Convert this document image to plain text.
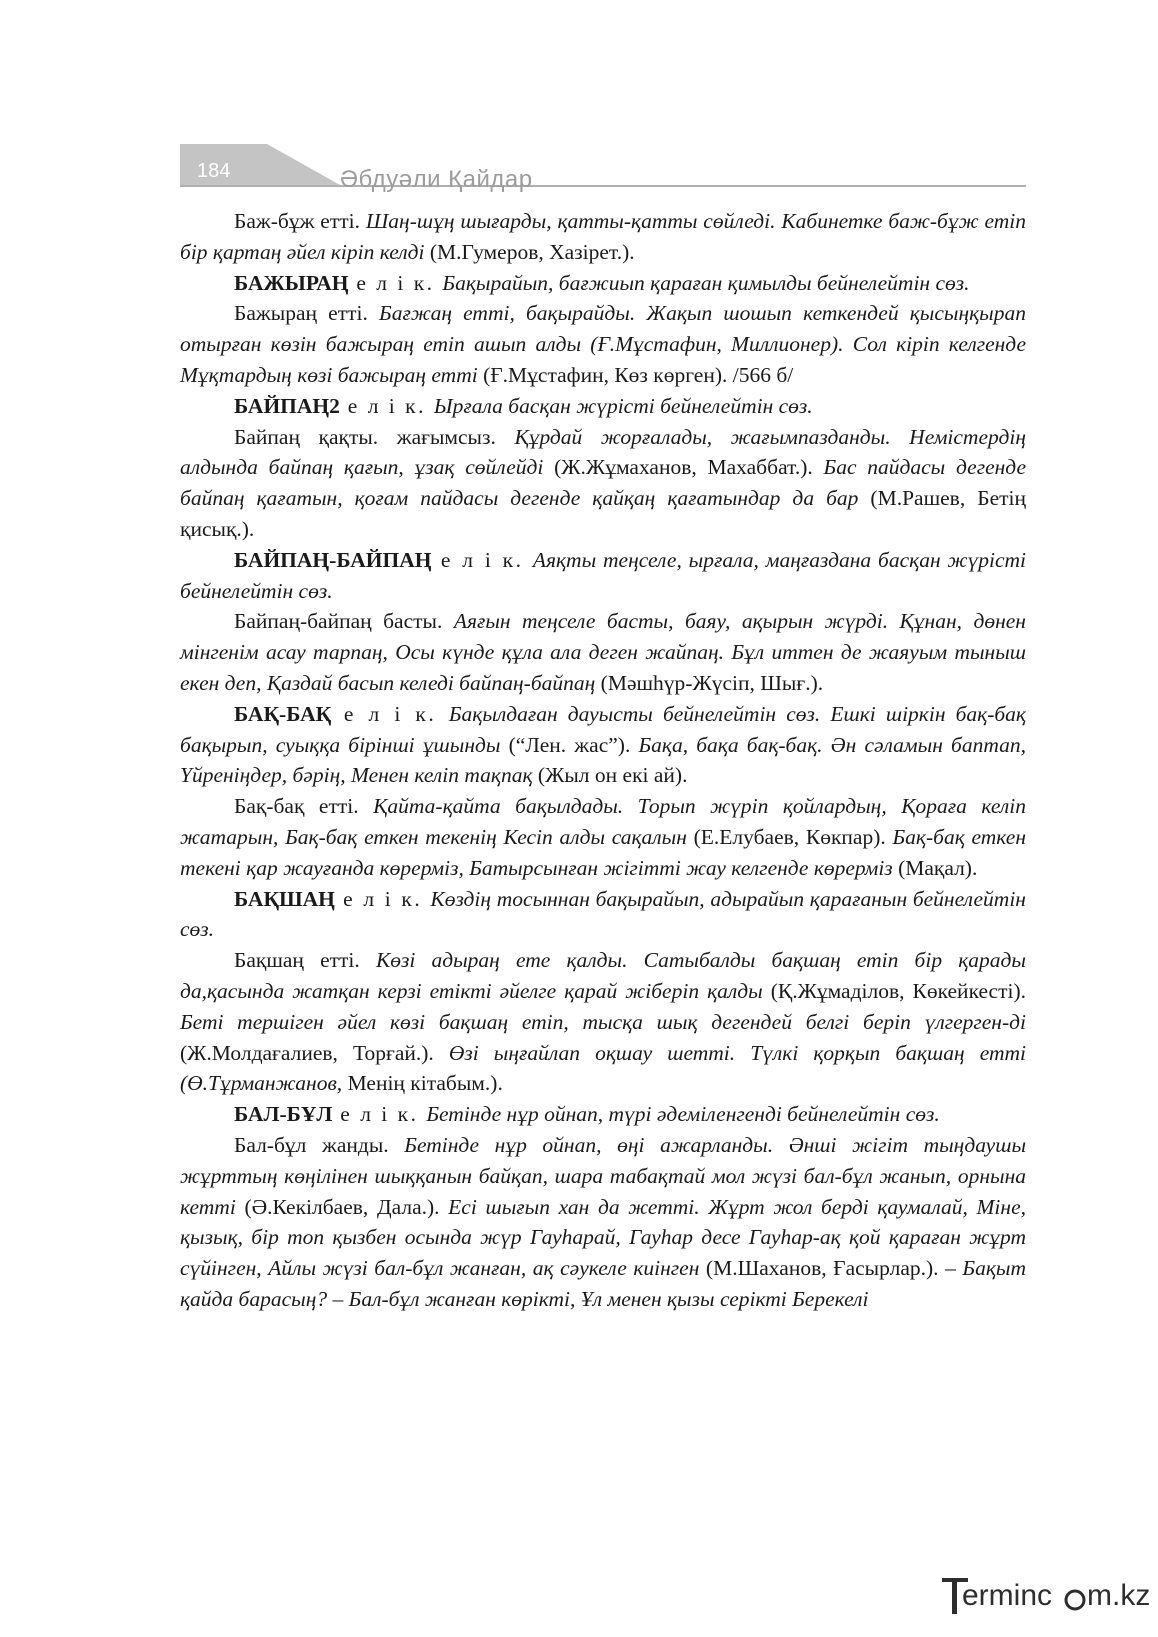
184	Әбдуәли Қайдар

Баж-бұж етті. Шаң-шұң шығарды, қатты-қатты сөйледі. Кабинетке баж-бұж етіп бір қартаң әйел кіріп келді (М.Гумеров, Хазірет.).

БАЖЫРАҢ е л і к. Бақырайып, бағжиып қараған қимылды бейнелейтін сөз.

Бажыраң етті. Бағжаң етті, бақырайды. Жақып шошып кеткендей қысыңқырап отырған көзін бажыраң етіп ашып алды (Ғ.Мұстафин, Миллионер). Сол кіріп келгенде Мұқтардың көзі бажыраң етті (Ғ.Мұстафин, Көз көрген). /566 б/

БАЙПАҢ2 е л і к. Ырғала басқан жүрісті бейнелейтін сөз.

Байпаң қақты. жағымсыз. Құрдай жорғалады, жағымпазданды. Немістердің алдында байпаң қағып, ұзақ сөйлейді (Ж.Жұмаханов, Махаббат.). Бас пайдасы дегенде байпаң қағатын, қоғам пайдасы дегенде қайқаң қағатындар да бар (М.Рашев, Бетің қисық.).

БАЙПАҢ-БАЙПАҢ е л і к. Аяқты теңселе, ырғала, маңғаздана басқан жүрісті бейнелейтін сөз.

Байпаң-байпаң басты. Аяғын теңселе басты, баяу, ақырын жүрді. Құнан, дөнен мінгенім асау тарпаң, Осы күнде құла ала деген жайпаң. Бұл иттен де жаяуым тыныш екен деп, Қаздай басып келеді байпаң-байпаң (Мәшһүр-Жүсіп, Шығ.).

БАҚ-БАҚ е л і к. Бақылдаған дауысты бейнелейтін сөз. Ешкі шіркін бақ-бақ бақырып, суыққа бірінші ұшынды (“Лен. жас”). Бақа, бақа бақ-бақ. Ән сәламын баптап, Үйреніңдер, бәрің, Менен келіп тақпақ (Жыл он екі ай).

Бақ-бақ етті. Қайта-қайта бақылдады. Торып жүріп қойлардың, Қораға келіп жатарын, Бақ-бақ еткен текенің Кесіп алды сақалын (Е.Елубаев, Көкпар). Бақ-бақ еткен текені қар жауғанда көрерміз, Батырсынған жігітті жау келгенде көрерміз (Мақал).

БАҚШАҢ е л і к. Көздің тосыннан бақырайып, адырайып қарағанын бейнелейтін сөз.

Бақшаң етті. Көзі адыраң ете қалды. Сатыбалды бақшаң етіп бір қарады да,қасында жатқан керзі етікті әйелге қарай жіберіп қалды (Қ.Жұмаділов, Көкейкесті). Беті тершіген әйел көзі бақшаң етіп, тысқа шық дегендей белгі беріп үлгерген-ді (Ж.Молдағалиев, Торғай.). Өзі ыңғайлап оқшау шетті. Түлкі қорқып бақшаң етті (Ө.Тұрманжанов, Менің кітабым.).

БАЛ-БҰЛ е л і к. Бетінде нұр ойнап, түрі әдеміленгенді бейнелейтін сөз.

Бал-бұл жанды. Бетінде нұр ойнап, өңі ажарланды. Әнші жігіт тыңдаушы жұрттың көңілінен шыққанын байқап, шара табақтай мол жүзі бал-бұл жанып, орнына кетті (Ә.Кекілбаев, Дала.). Есі шығып хан да жетті. Жұрт жол берді қаумалай, Міне, қызық, бір топ қызбен осында жүр Гауһарай, Гауһар десе Гауһар-ақ қой қараған жұрт сүйінген, Айлы жүзі бал-бұл жанған, ақ сәукеле киінген (М.Шаханов, Ғасырлар.). – Бақыт қайда барасың? – Бал-бұл жанған көрікті, Ұл менен қызы серікті Берекелі

erminc m.kz
